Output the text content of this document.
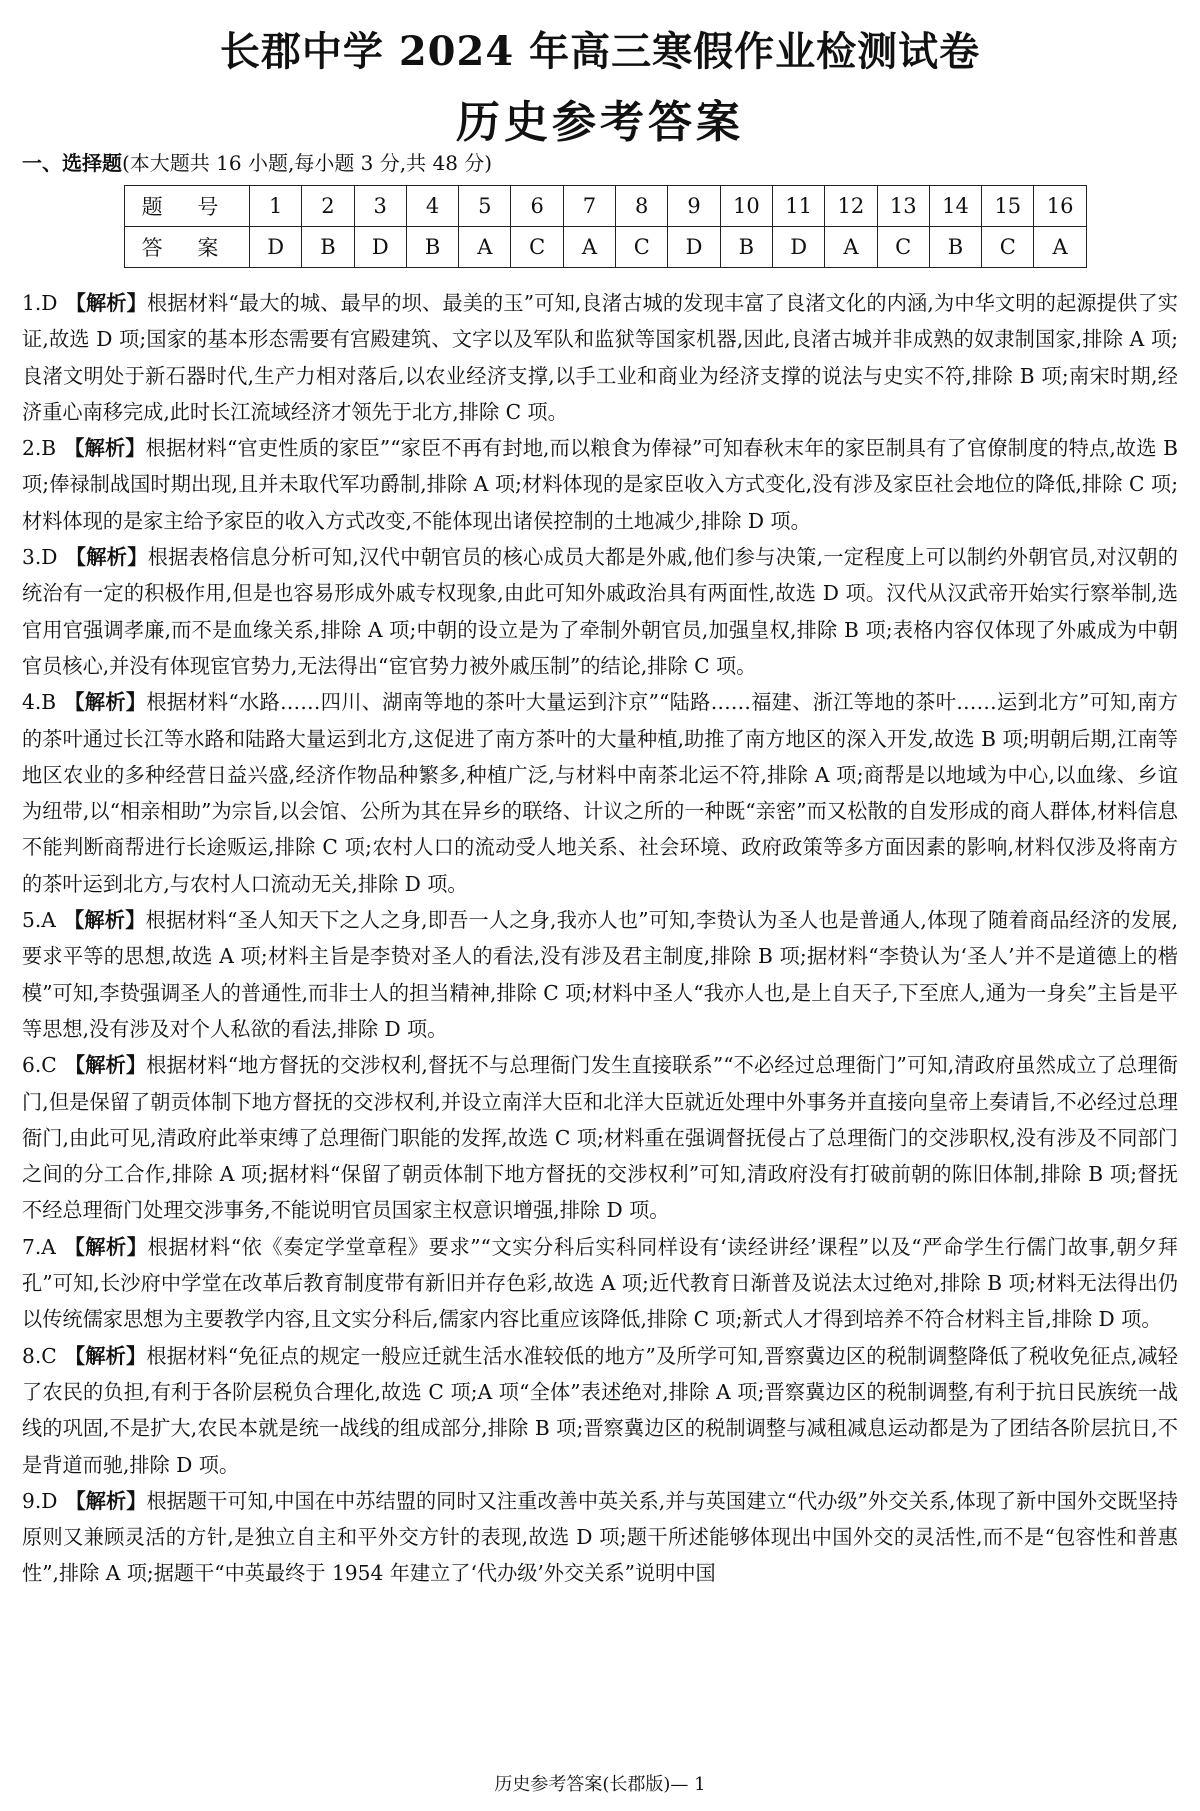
长郡中学 2024 年高三寒假作业检测试卷
历史参考答案
一、选择题(本大题共 16 小题,每小题 3 分,共 48 分)
题 号	1	2	3	4	5	6	7	8	9	10	11	12	13	14	15	16
答 案	D	B	D	B	A	C	A	C	D	B	D	A	C	B	C	A
1.D 【解析】根据材料“最大的城、最早的坝、最美的玉”可知,良渚古城的发现丰富了良渚文化的内涵,为中华文明的起源提供了实证,故选 D 项;国家的基本形态需要有宫殿建筑、文字以及军队和监狱等国家机器,因此,良渚古城并非成熟的奴隶制国家,排除 A 项;良渚文明处于新石器时代,生产力相对落后,以农业经济支撑,以手工业和商业为经济支撑的说法与史实不符,排除 B 项;南宋时期,经济重心南移完成,此时长江流域经济才领先于北方,排除 C 项。
2.B 【解析】根据材料“官吏性质的家臣”“家臣不再有封地,而以粮食为俸禄”可知春秋末年的家臣制具有了官僚制度的特点,故选 B 项;俸禄制战国时期出现,且并未取代军功爵制,排除 A 项;材料体现的是家臣收入方式变化,没有涉及家臣社会地位的降低,排除 C 项;材料体现的是家主给予家臣的收入方式改变,不能体现出诸侯控制的土地减少,排除 D 项。
3.D 【解析】根据表格信息分析可知,汉代中朝官员的核心成员大都是外戚,他们参与决策,一定程度上可以制约外朝官员,对汉朝的统治有一定的积极作用,但是也容易形成外戚专权现象,由此可知外戚政治具有两面性,故选 D 项。汉代从汉武帝开始实行察举制,选官用官强调孝廉,而不是血缘关系,排除 A 项;中朝的设立是为了牵制外朝官员,加强皇权,排除 B 项;表格内容仅体现了外戚成为中朝官员核心,并没有体现宦官势力,无法得出“宦官势力被外戚压制”的结论,排除 C 项。
4.B 【解析】根据材料“水路……四川、湖南等地的茶叶大量运到汴京”“陆路……福建、浙江等地的茶叶……运到北方”可知,南方的茶叶通过长江等水路和陆路大量运到北方,这促进了南方茶叶的大量种植,助推了南方地区的深入开发,故选 B 项;明朝后期,江南等地区农业的多种经营日益兴盛,经济作物品种繁多,种植广泛,与材料中南茶北运不符,排除 A 项;商帮是以地域为中心,以血缘、乡谊为纽带,以“相亲相助”为宗旨,以会馆、公所为其在异乡的联络、计议之所的一种既“亲密”而又松散的自发形成的商人群体,材料信息不能判断商帮进行长途贩运,排除 C 项;农村人口的流动受人地关系、社会环境、政府政策等多方面因素的影响,材料仅涉及将南方的茶叶运到北方,与农村人口流动无关,排除 D 项。
5.A 【解析】根据材料“圣人知天下之人之身,即吾一人之身,我亦人也”可知,李贽认为圣人也是普通人,体现了随着商品经济的发展,要求平等的思想,故选 A 项;材料主旨是李贽对圣人的看法,没有涉及君主制度,排除 B 项;据材料“李贽认为‘圣人’并不是道德上的楷模”可知,李贽强调圣人的普通性,而非士人的担当精神,排除 C 项;材料中圣人“我亦人也,是上自天子,下至庶人,通为一身矣”主旨是平等思想,没有涉及对个人私欲的看法,排除 D 项。
6.C 【解析】根据材料“地方督抚的交涉权利,督抚不与总理衙门发生直接联系”“不必经过总理衙门”可知,清政府虽然成立了总理衙门,但是保留了朝贡体制下地方督抚的交涉权利,并设立南洋大臣和北洋大臣就近处理中外事务并直接向皇帝上奏请旨,不必经过总理衙门,由此可见,清政府此举束缚了总理衙门职能的发挥,故选 C 项;材料重在强调督抚侵占了总理衙门的交涉职权,没有涉及不同部门之间的分工合作,排除 A 项;据材料“保留了朝贡体制下地方督抚的交涉权利”可知,清政府没有打破前朝的陈旧体制,排除 B 项;督抚不经总理衙门处理交涉事务,不能说明官员国家主权意识增强,排除 D 项。
7.A 【解析】根据材料“依《奏定学堂章程》要求”“文实分科后实科同样设有‘读经讲经’课程”以及“严命学生行儒门故事,朝夕拜孔”可知,长沙府中学堂在改革后教育制度带有新旧并存色彩,故选 A 项;近代教育日渐普及说法太过绝对,排除 B 项;材料无法得出仍以传统儒家思想为主要教学内容,且文实分科后,儒家内容比重应该降低,排除 C 项;新式人才得到培养不符合材料主旨,排除 D 项。
8.C 【解析】根据材料“免征点的规定一般应迁就生活水准较低的地方”及所学可知,晋察冀边区的税制调整降低了税收免征点,减轻了农民的负担,有利于各阶层税负合理化,故选 C 项;A 项“全体”表述绝对,排除 A 项;晋察冀边区的税制调整,有利于抗日民族统一战线的巩固,不是扩大,农民本就是统一战线的组成部分,排除 B 项;晋察冀边区的税制调整与减租减息运动都是为了团结各阶层抗日,不是背道而驰,排除 D 项。
9.D 【解析】根据题干可知,中国在中苏结盟的同时又注重改善中英关系,并与英国建立“代办级”外交关系,体现了新中国外交既坚持原则又兼顾灵活的方针,是独立自主和平外交方针的表现,故选 D 项;题干所述能够体现出中国外交的灵活性,而不是“包容性和普惠性”,排除 A 项;据题干“中英最终于 1954 年建立了‘代办级’外交关系”说明中国
历史参考答案(长郡版)— 1
